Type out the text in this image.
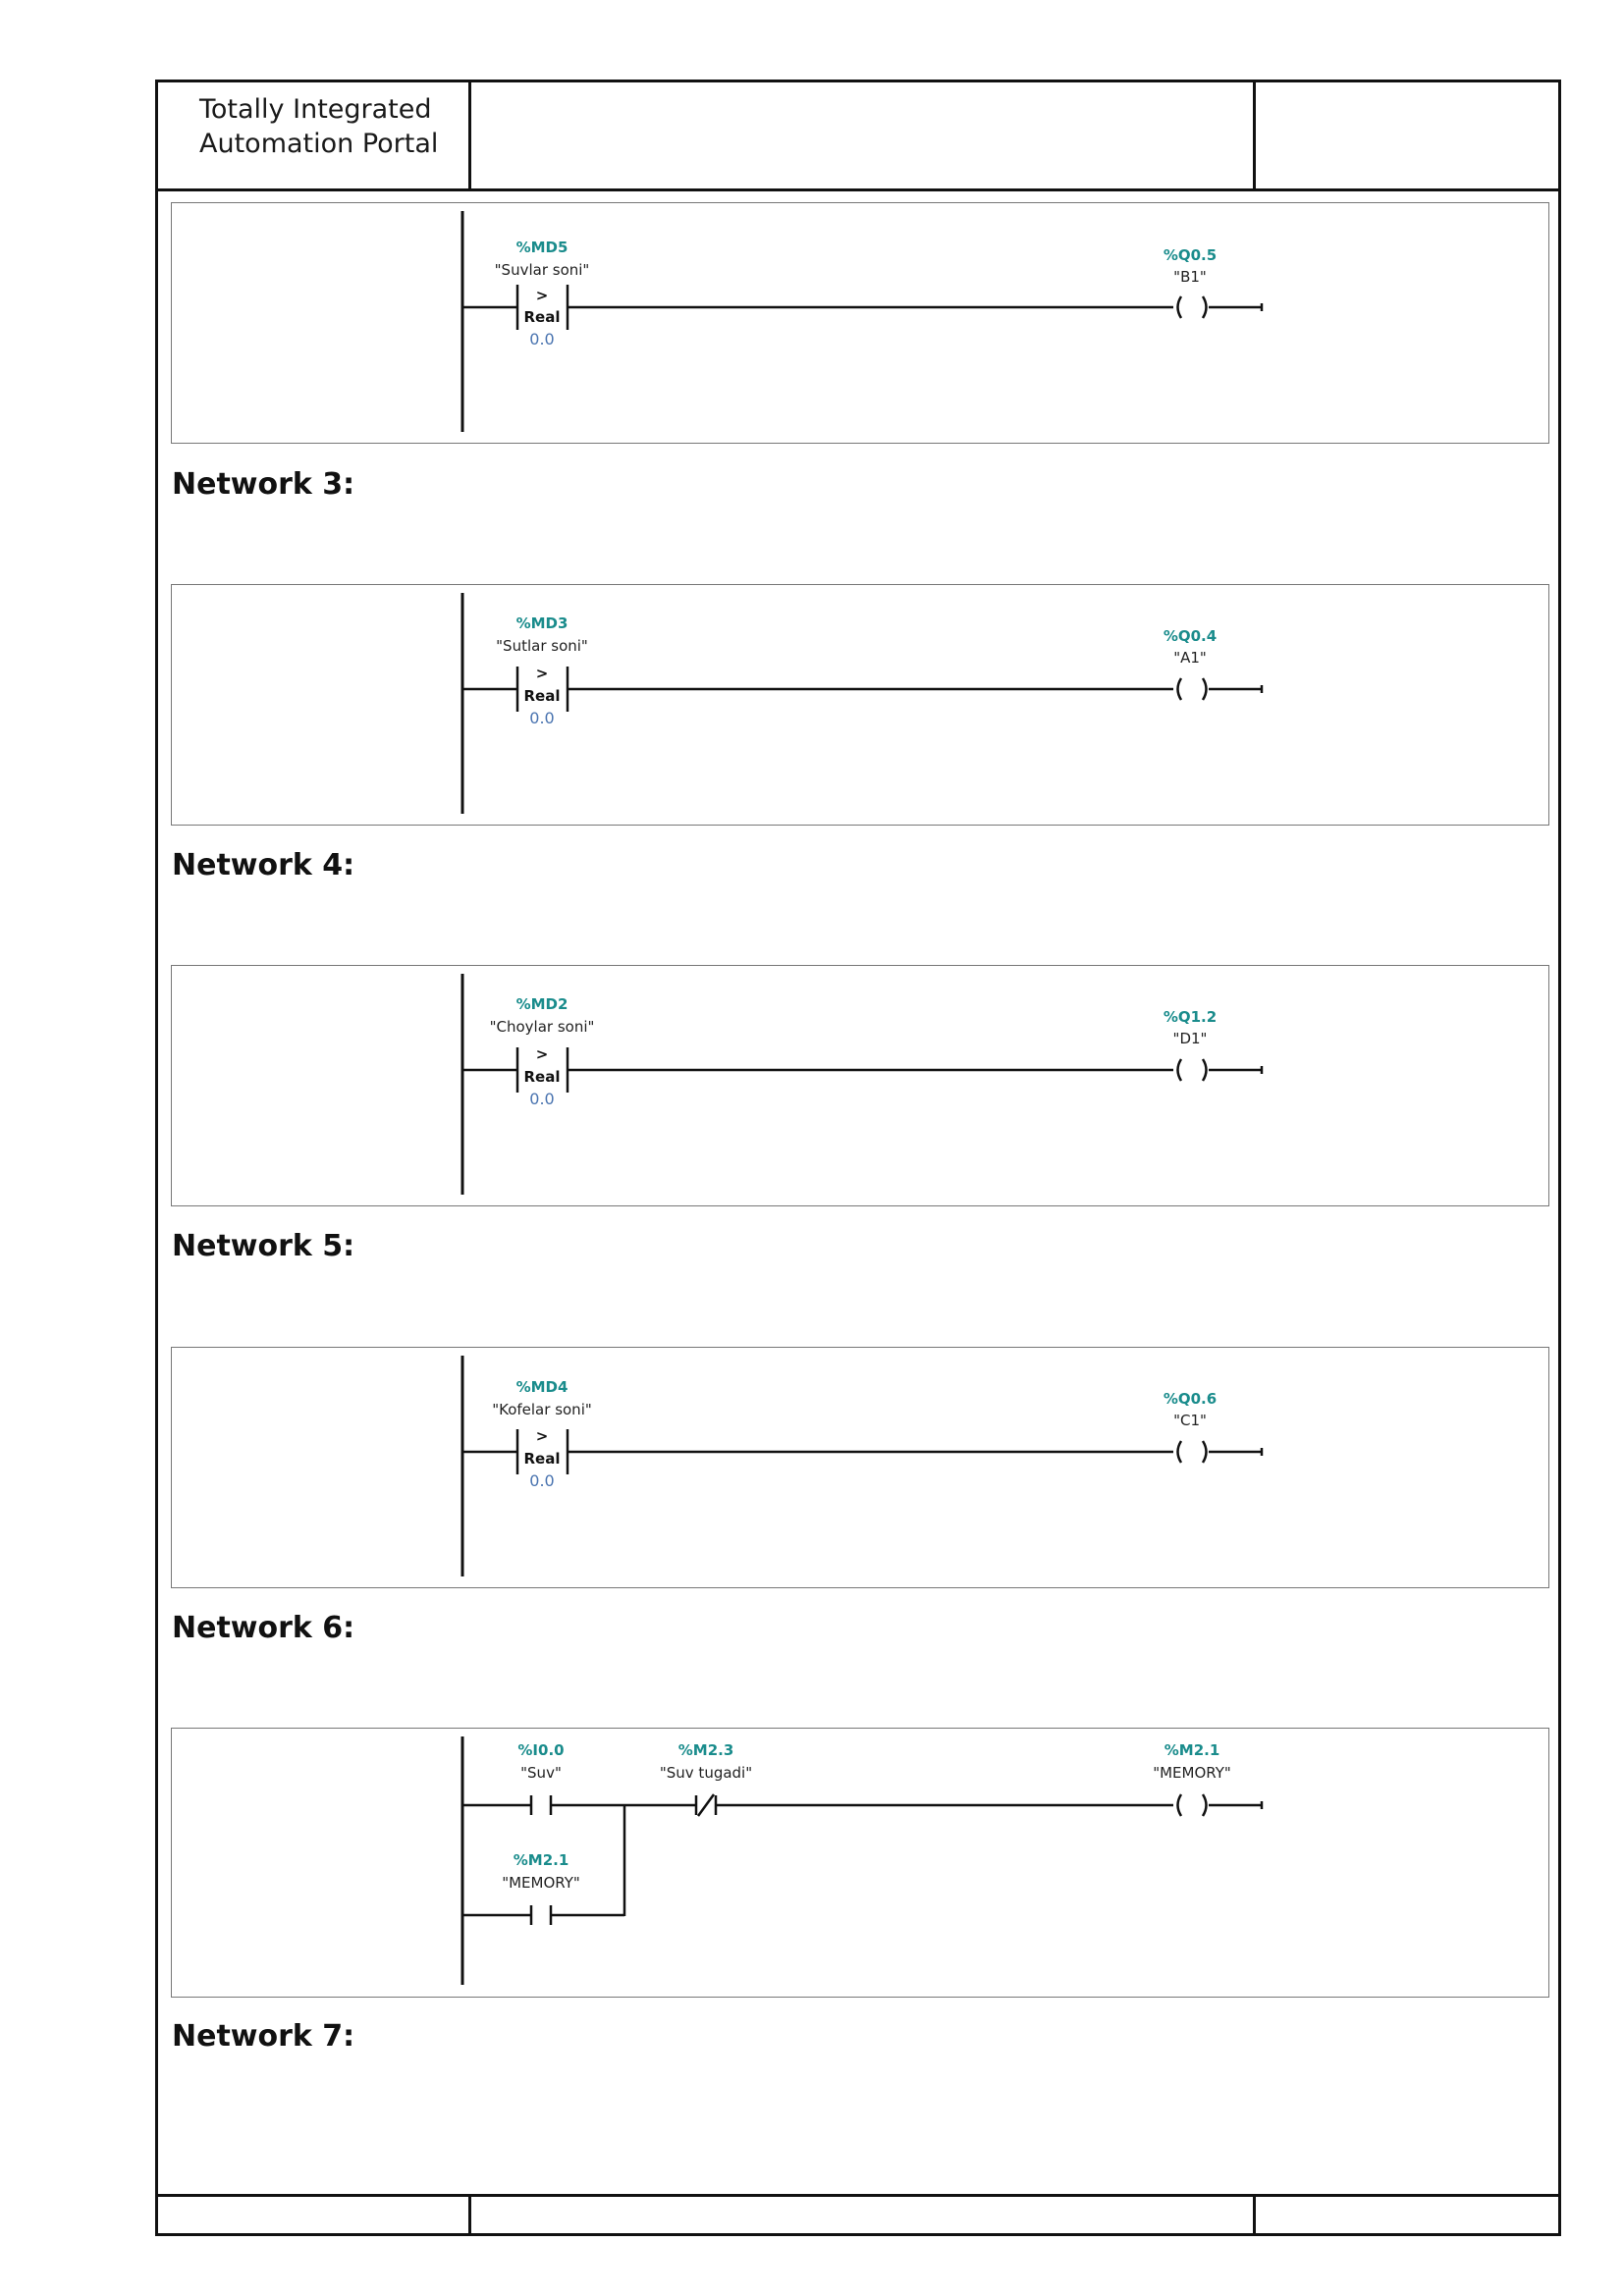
Totally Integrated
Automation Portal
Network 3:
Network 4:
Network 5:
Network 6:
Network 7:
%MD5
"Suvlar soni"
>
Real
0.0
%Q0.5
"B1"
%MD3
"Sutlar soni"
>
Real
0.0
%Q0.4
"A1"
%MD2
"Choylar soni"
>
Real
0.0
%Q1.2
"D1"
%MD4
"Kofelar soni"
>
Real
0.0
%Q0.6
"C1"
%I0.0
"Suv"
%M2.3
"Suv tugadi"
%M2.1
"MEMORY"
%M2.1
"MEMORY"
